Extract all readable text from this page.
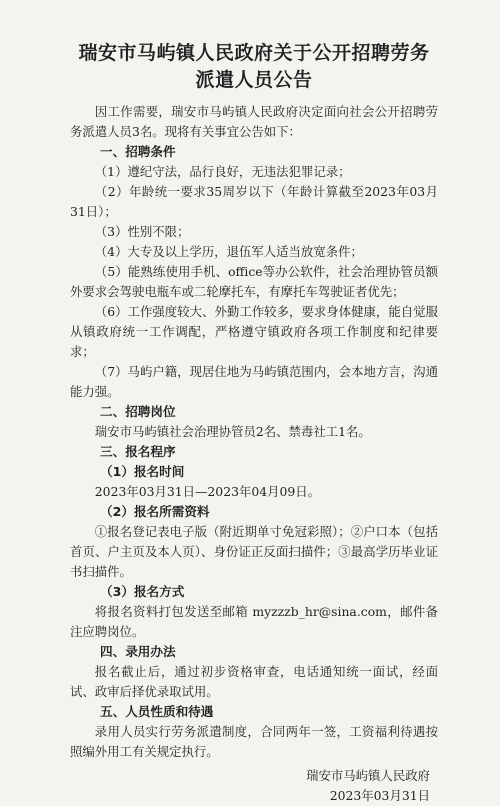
瑞安市马屿镇人民政府关于公开招聘劳务
派遣人员公告

因工作需要，瑞安市马屿镇人民政府决定面向社会公开招聘劳务派遣人员3名。现将有关事宜公告如下：

一、招聘条件

（1）遵纪守法，品行良好，无违法犯罪记录；

（2）年龄统一要求35周岁以下（年龄计算截至2023年03月31日）；

（3）性别不限；

（4）大专及以上学历，退伍军人适当放宽条件；

（5）能熟练使用手机、office等办公软件，社会治理协管员额外要求会驾驶电瓶车或二轮摩托车，有摩托车驾驶证者优先；

（6）工作强度较大、外勤工作较多，要求身体健康，能自觉服从镇政府统一工作调配，严格遵守镇政府各项工作制度和纪律要求；

（7）马屿户籍，现居住地为马屿镇范围内，会本地方言，沟通能力强。

二、招聘岗位

瑞安市马屿镇社会治理协管员2名、禁毒社工1名。

三、报名程序
（1）报名时间

2023年03月31日—2023年04月09日。

（2）报名所需资料

①报名登记表电子版（附近期单寸免冠彩照）；②户口本（包括首页、户主页及本人页）、身份证正反面扫描件；③最高学历毕业证书扫描件。

（3）报名方式

将报名资料打包发送至邮箱 myzzzb_hr@sina.com，邮件备注应聘岗位。

四、录用办法

报名截止后，通过初步资格审查，电话通知统一面试，经面试、政审后择优录取试用。

五、人员性质和待遇

录用人员实行劳务派遣制度，合同两年一签，工资福利待遇按照编外用工有关规定执行。

瑞安市马屿镇人民政府
2023年03月31日
